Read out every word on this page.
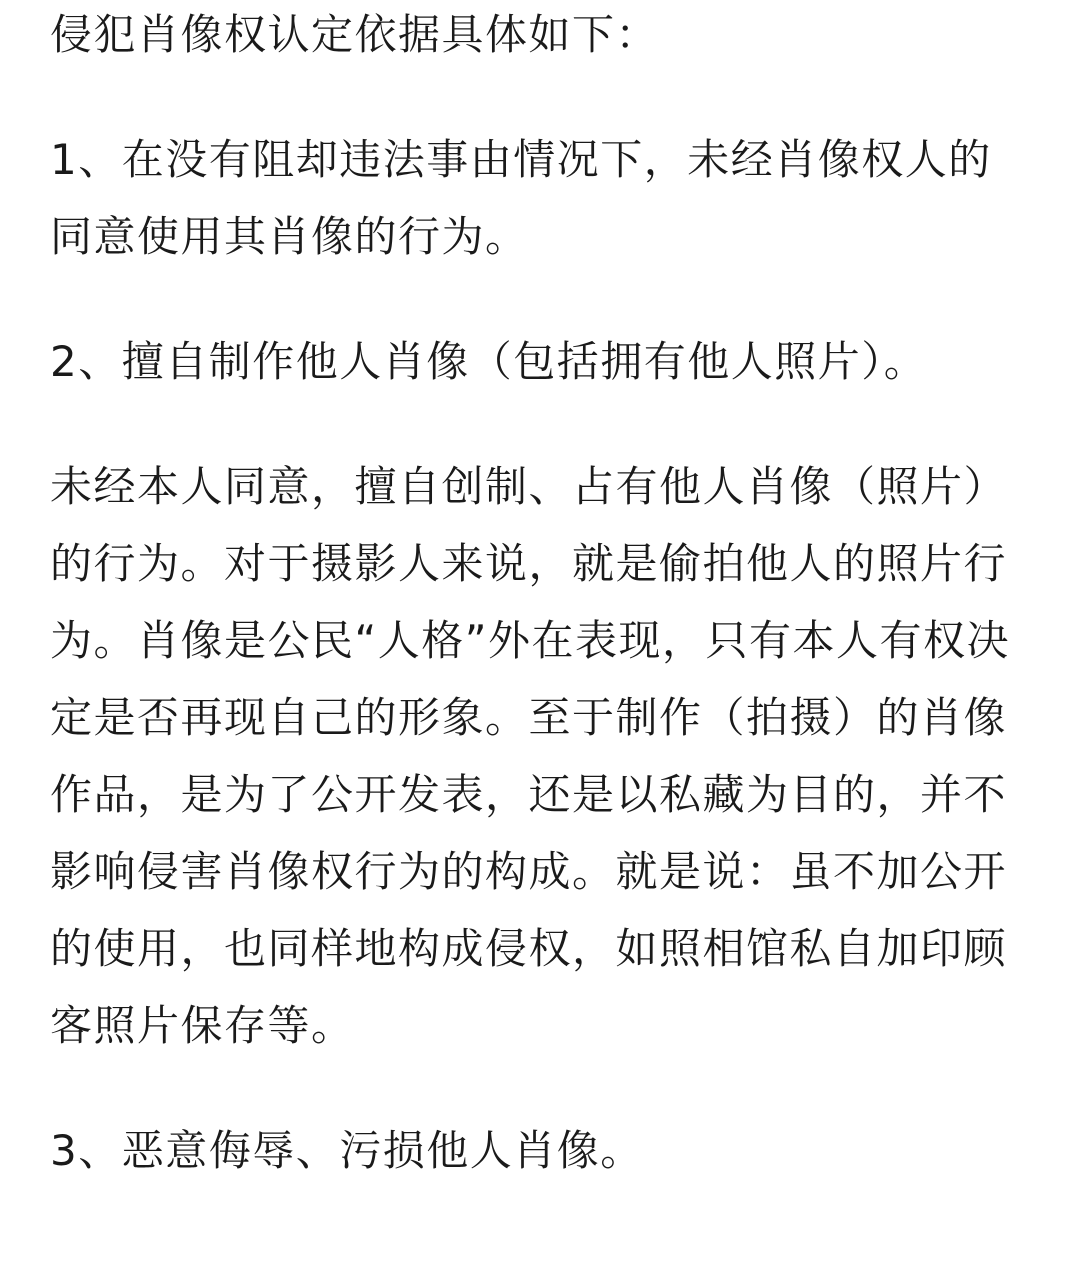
侵犯肖像权认定依据具体如下：

1、在没有阻却违法事由情况下，未经肖像权人的同意使用其肖像的行为。

2、擅自制作他人肖像（包括拥有他人照片）。

未经本人同意，擅自创制、占有他人肖像（照片）的行为。对于摄影人来说，就是偷拍他人的照片行为。肖像是公民“人格”外在表现，只有本人有权决定是否再现自己的形象。至于制作（拍摄）的肖像作品，是为了公开发表，还是以私藏为目的，并不影响侵害肖像权行为的构成。就是说：虽不加公开的使用，也同样地构成侵权，如照相馆私自加印顾客照片保存等。

3、恶意侮辱、污损他人肖像。
